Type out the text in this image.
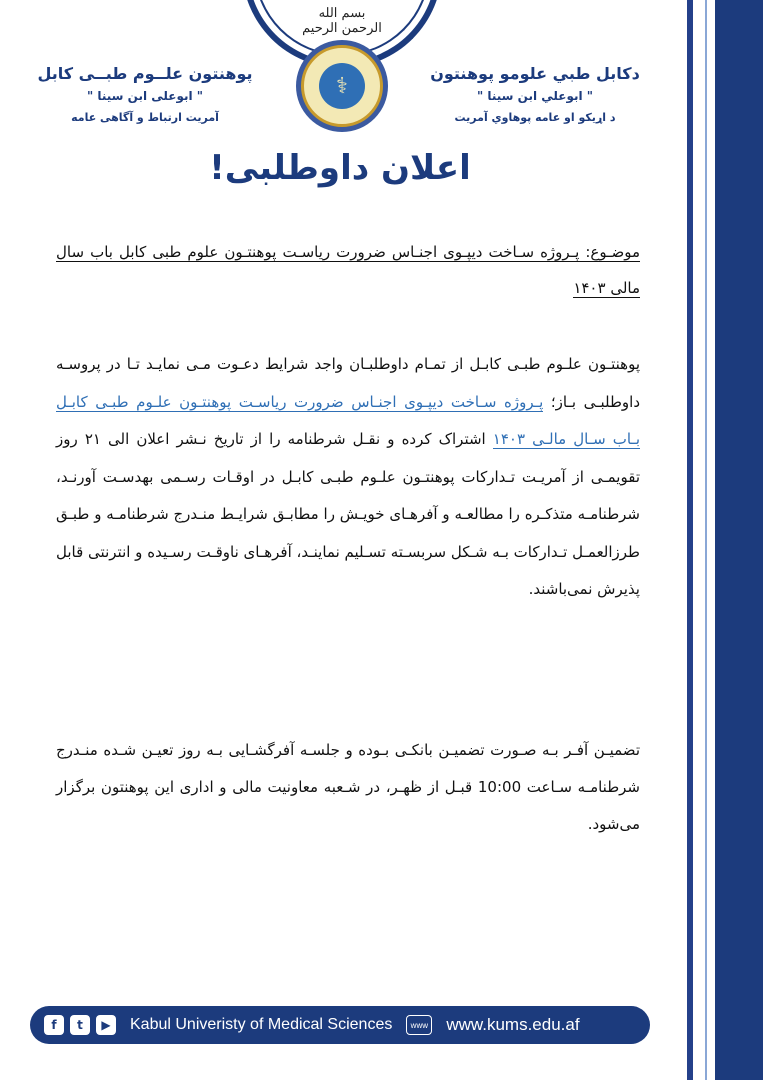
بسم الله الرحمن الرحیم
⚕	دکابل طبي علومو پوهنتون
" ابوعلي ابن سینا "
د اړیکو او عامه پوهاوي آمریت
پوهنتون علــوم طبــی کابل
" ابوعلی ابن سینا "
آمریت ارتباط و آگاهی عامه
اعلان داوطلبی!
موضـوع: پـروژه سـاخت دیپـوی اجنـاس ضرورت ریاسـت پوهنتـون علوم طبی کابل باب سال مالی ۱۴۰۳
پوهنتـون علـوم طبـی کابـل از تمـام داوطلبـان واجد شرایط دعـوت مـی نمایـد تـا در پروسـه داوطلبـی بـاز؛ پـروژه سـاخت دیپـوی اجنـاس ضرورت ریاسـت پوهنتـون علـوم طبـی کابـل بـاب سـال مالـی ۱۴۰۳ اشتراک کرده و نقـل شرطنامه را از تاریخ نـشر اعلان الی ۲۱ روز تقویمـی از آمریـت تـدارکات پوهنتـون علـوم طبـی کابـل در اوقـات رسـمی بهدسـت آورنـد، شرطنامـه متذکـره را مطالعـه و آفرهـای خویـش را مطابـق شرایـط منـدرج شرطنامـه و طبـق طرزالعمـل تـدارکات بـه شـکل سربسـته تسـلیم نماینـد، آفرهـای ناوقـت رسـیده و انترنتی قابل پذیرش نمی‌باشند.
تضمیـن آفـر بـه صـورت تضمیـن بانکـی بـوده و جلسـه آفرگشـایی بـه روز تعیـن شـده منـدرج شرطنامـه سـاعت 10:00 قبـل از ظهـر، در شـعبه معاونیت مالی و اداری این پوهنتون برگزار می‌شود.
f	t	▶	Kabul Univeristy of Medical Sciences	www www.kums.edu.af
